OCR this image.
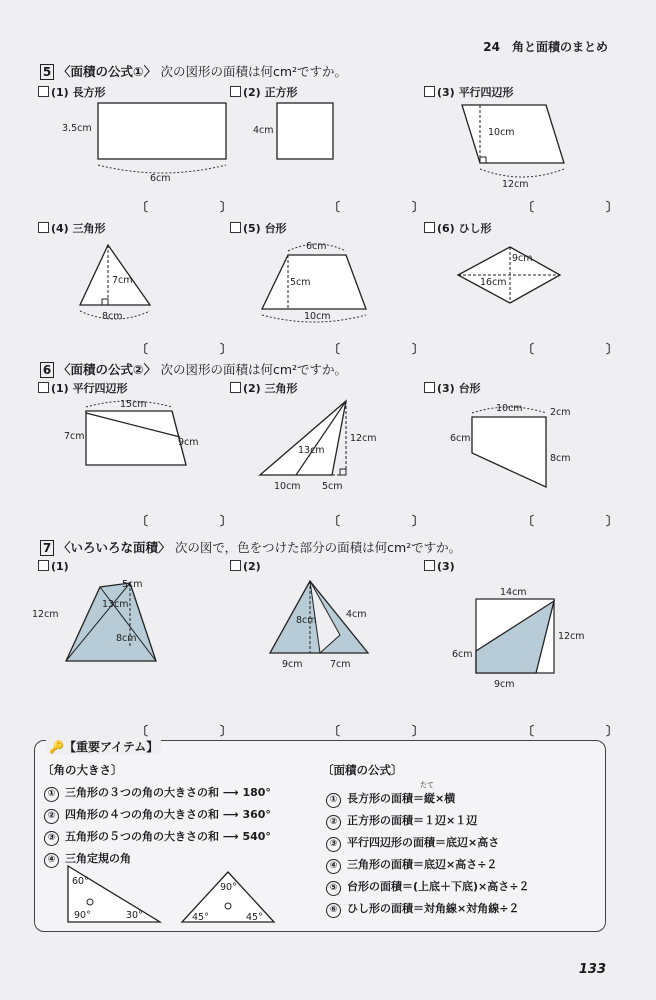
24　角と面積のまとめ
5 〈面積の公式①〉 次の図形の面積は何cm²ですか。
(1) 長方形	(2) 正方形	(3) 平行四辺形
3.5cm
6cm
4cm	10cm
12cm
〔　　　　　　〕	〔　　　　　　〕	〔　　　　　　〕
(4) 三角形	(5) 台形	(6) ひし形
7cm
8cm
6cm
5cm
10cm
9cm
16cm
〔　　　　　　〕	〔　　　　　　〕	〔　　　　　　〕
6 〈面積の公式②〉 次の図形の面積は何cm²ですか。
(1) 平行四辺形	(2) 三角形	(3) 台形
15cm
7cm
9cm
13cm
12cm
10cm 5cm
10cm	2cm
6cm
8cm
〔　　　　　　〕	〔　　　　　　〕	〔　　　　　　〕
7 〈いろいろな面積〉 次の図で，色をつけた部分の面積は何cm²ですか。
(1)	(2)	(3)
5cm
12cm
13cm
8cm
8cm
4cm
9cm	7cm
14cm
12cm
6cm
9cm
〔　　　　　　〕	〔　　　　　　〕	〔　　　　　　〕
🔑【重要アイテム】
〔角の大きさ〕
① 三角形の３つの角の大きさの和 ⟶ 180°
② 四角形の４つの角の大きさの和 ⟶ 360°
③ 五角形の５つの角の大きさの和 ⟶ 540°
④ 三角定規の角
60°
90°	30°
90°
45°	45°
〔面積の公式〕
① 長方形の面積＝縦×横
② 正方形の面積＝１辺×１辺
③ 平行四辺形の面積＝底辺×高さ
④ 三角形の面積＝底辺×高さ÷２
⑤ 台形の面積＝(上底＋下底)×高さ÷２
⑥ ひし形の面積＝対角線×対角線÷２
たて
133
